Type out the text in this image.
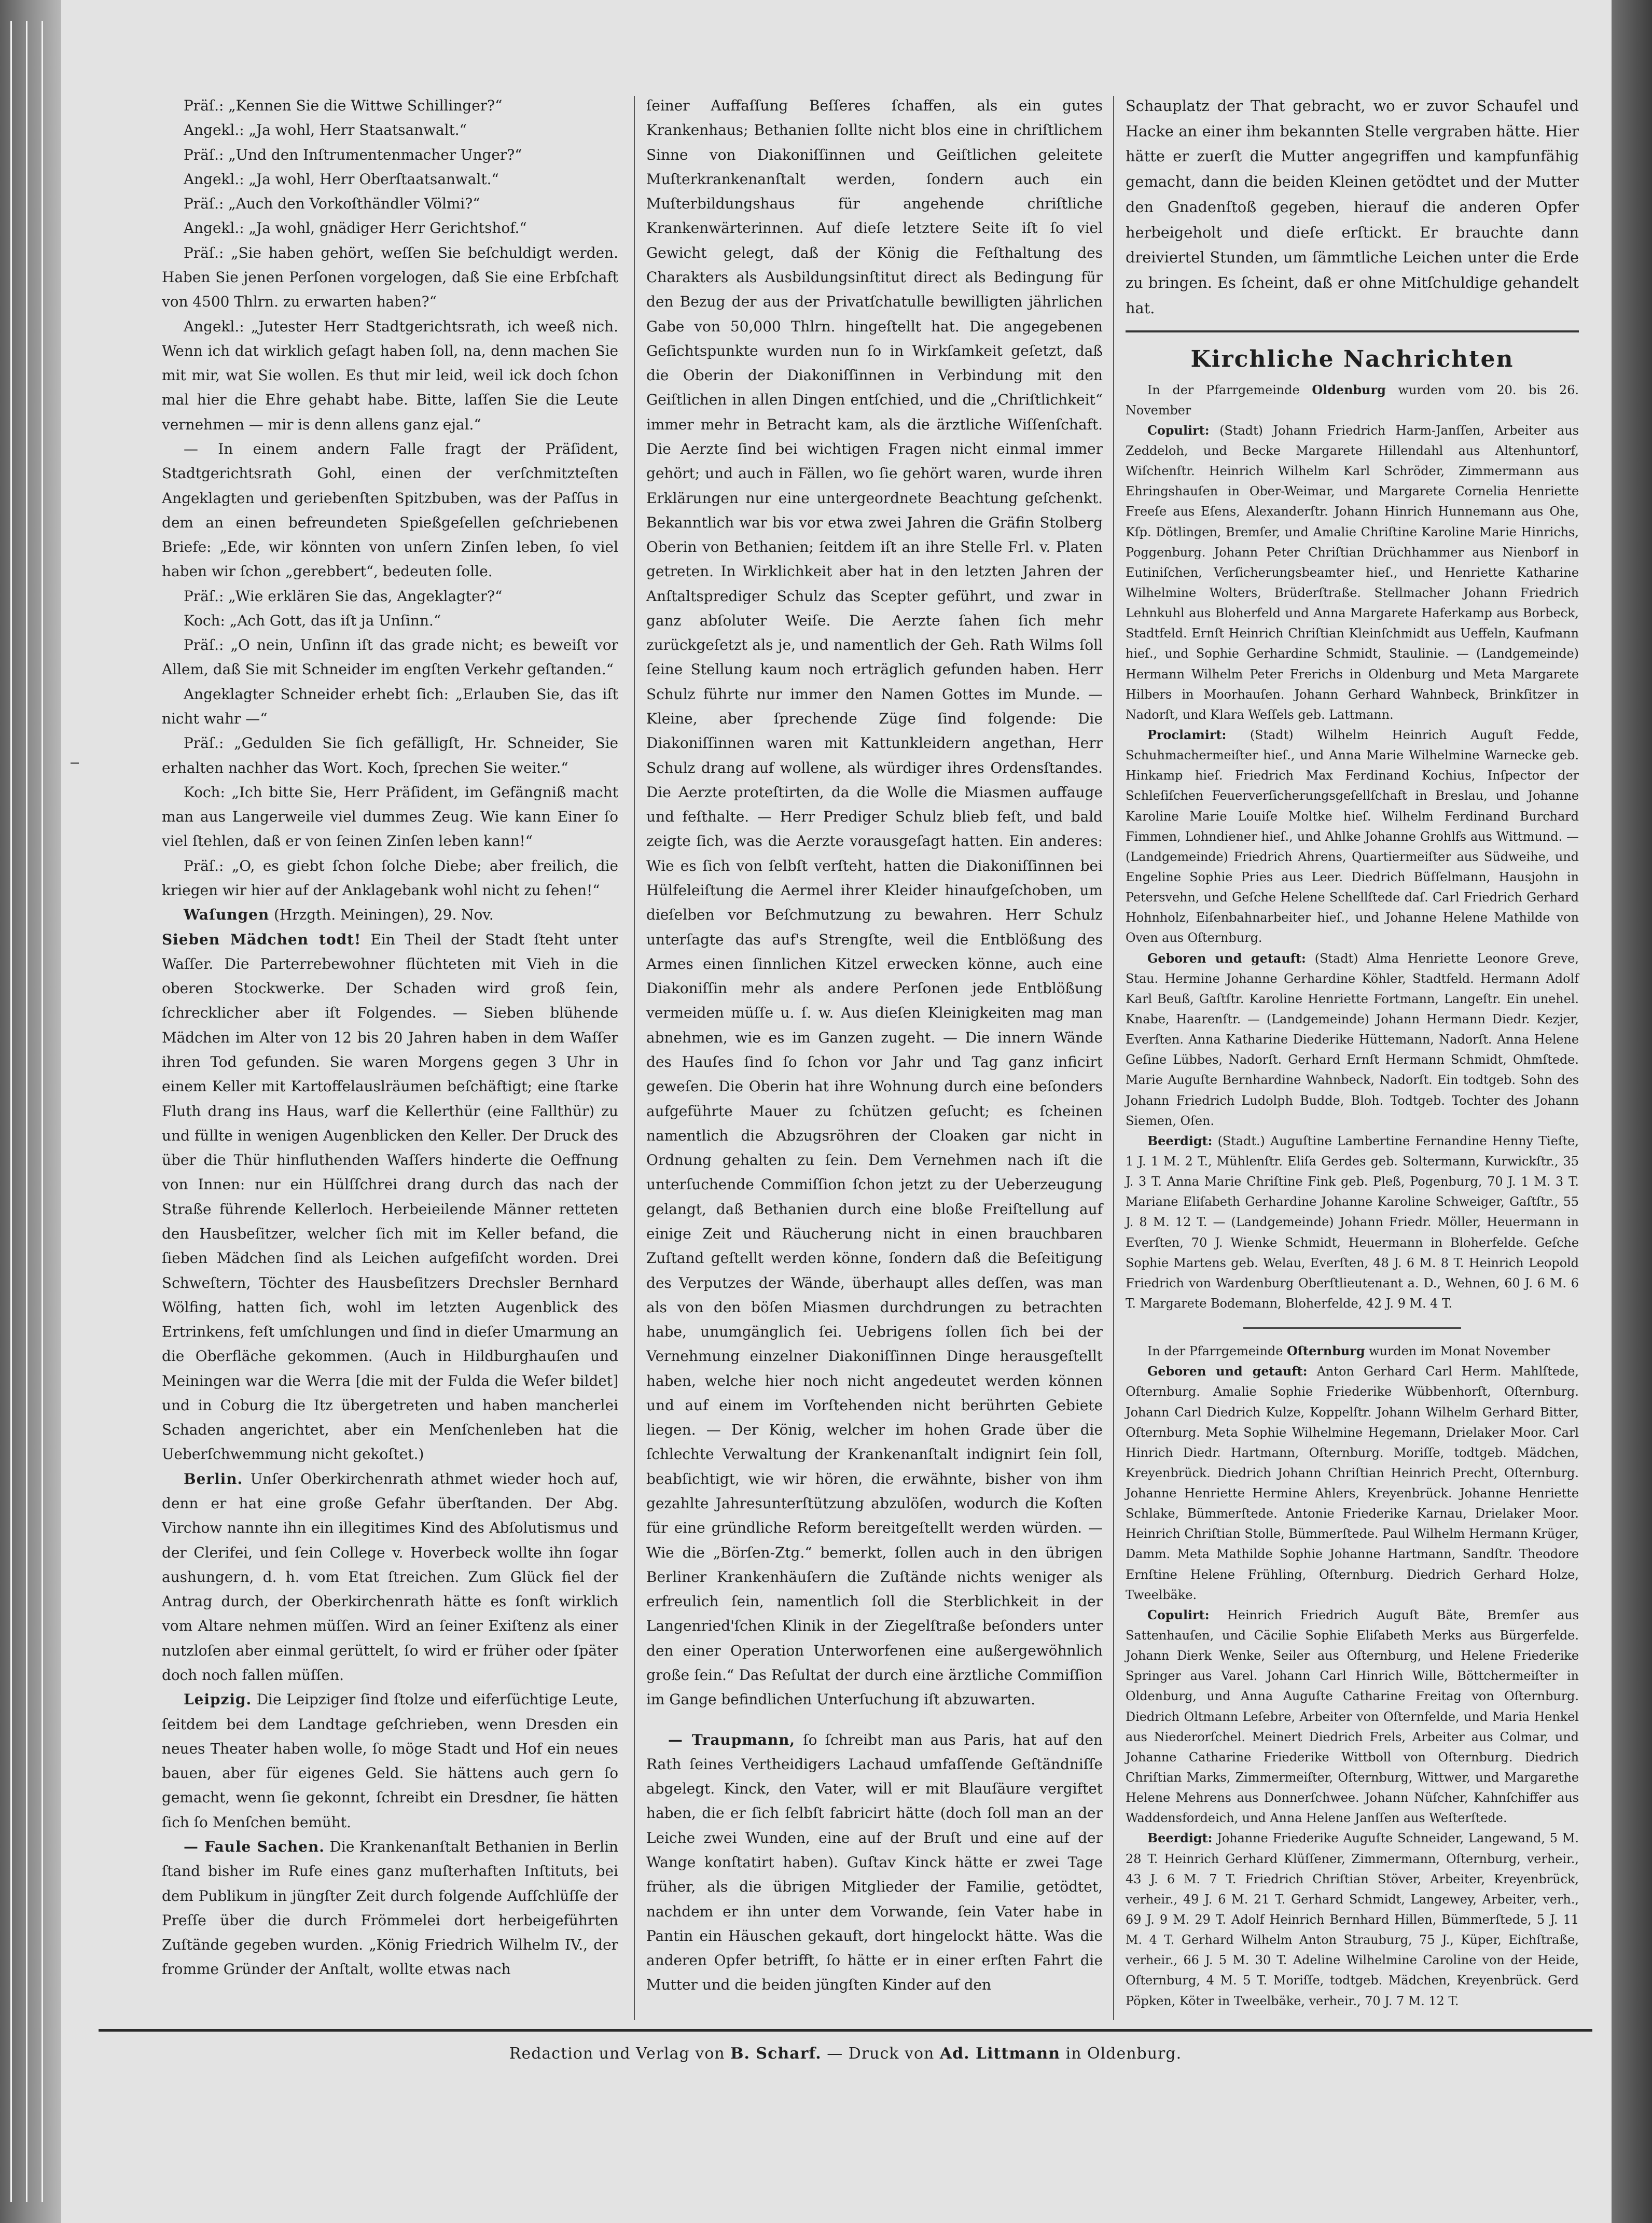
Präſ.: „Kennen Sie die Wittwe Schillinger?“

Angekl.: „Ja wohl, Herr Staatsanwalt.“

Präſ.: „Und den Inſtrumentenmacher Unger?“

Angekl.: „Ja wohl, Herr Oberſtaatsanwalt.“

Präſ.: „Auch den Vorkoſthändler Völmi?“

Angekl.: „Ja wohl, gnädiger Herr Gerichtshof.“

Präſ.: „Sie haben gehört, weſſen Sie beſchuldigt werden. Haben Sie jenen Perſonen vorgelogen, daß Sie eine Erbſchaft von 4500 Thlrn. zu erwarten haben?“

Angekl.: „Jutester Herr Stadtgerichtsrath, ich weeß nich. Wenn ich dat wirklich geſagt haben ſoll, na, denn machen Sie mit mir, wat Sie wollen. Es thut mir leid, weil ick doch ſchon mal hier die Ehre gehabt habe. Bitte, laſſen Sie die Leute vernehmen — mir is denn allens ganz ejal.“

— In einem andern Falle fragt der Präſident, Stadtgerichtsrath Gohl, einen der verſchmitzteſten Angeklagten und geriebenſten Spitzbuben, was der Paſſus in dem an einen befreundeten Spießgeſellen geſchriebenen Briefe: „Ede, wir könnten von unſern Zinſen leben, ſo viel haben wir ſchon „gerebbert“, bedeuten ſolle.

Präſ.: „Wie erklären Sie das, Angeklagter?“

Koch: „Ach Gott, das iſt ja Unſinn.“

Präſ.: „O nein, Unſinn iſt das grade nicht; es beweiſt vor Allem, daß Sie mit Schneider im engſten Verkehr geſtanden.“

Angeklagter Schneider erhebt ſich: „Erlauben Sie, das iſt nicht wahr —“

Präſ.: „Gedulden Sie ſich gefälligſt, Hr. Schneider, Sie erhalten nachher das Wort. Koch, ſprechen Sie weiter.“

Koch: „Ich bitte Sie, Herr Präſident, im Gefängniß macht man aus Langerweile viel dummes Zeug. Wie kann Einer ſo viel ſtehlen, daß er von ſeinen Zinſen leben kann!“

Präſ.: „O, es giebt ſchon ſolche Diebe; aber freilich, die kriegen wir hier auf der Anklagebank wohl nicht zu ſehen!“

Waſungen (Hrzgth. Meiningen), 29. Nov.

Sieben Mädchen todt! Ein Theil der Stadt ſteht unter Waſſer. Die Parterrebewohner flüchteten mit Vieh in die oberen Stockwerke. Der Schaden wird groß ſein, ſchrecklicher aber iſt Folgendes. — Sieben blühende Mädchen im Alter von 12 bis 20 Jahren haben in dem Waſſer ihren Tod gefunden. Sie waren Morgens gegen 3 Uhr in einem Keller mit Kartoffelauslräumen beſchäftigt; eine ſtarke Fluth drang ins Haus, warf die Kellerthür (eine Fallthür) zu und füllte in wenigen Augenblicken den Keller. Der Druck des über die Thür hinfluthenden Waſſers hinderte die Oeffnung von Innen: nur ein Hülſſchrei drang durch das nach der Straße führende Kellerloch. Herbeieilende Männer retteten den Hausbeſitzer, welcher ſich mit im Keller befand, die ſieben Mädchen ſind als Leichen aufgefiſcht worden. Drei Schweſtern, Töchter des Hausbeſitzers Drechsler Bernhard Wölfing, hatten ſich, wohl im letzten Augenblick des Ertrinkens, feſt umſchlungen und ſind in dieſer Umarmung an die Oberfläche gekommen. (Auch in Hildburghauſen und Meiningen war die Werra [die mit der Fulda die Weſer bildet] und in Coburg die Itz übergetreten und haben mancherlei Schaden angerichtet, aber ein Menſchenleben hat die Ueberſchwemmung nicht gekoſtet.)

Berlin. Unſer Oberkirchenrath athmet wieder hoch auf, denn er hat eine große Gefahr überſtanden. Der Abg. Virchow nannte ihn ein illegitimes Kind des Abſolutismus und der Clerifei, und ſein College v. Hoverbeck wollte ihn ſogar aushungern, d. h. vom Etat ſtreichen. Zum Glück fiel der Antrag durch, der Oberkirchenrath hätte es ſonſt wirklich vom Altare nehmen müſſen. Wird an ſeiner Exiſtenz als einer nutzloſen aber einmal gerüttelt, ſo wird er früher oder ſpäter doch noch fallen müſſen.

Leipzig. Die Leipziger ſind ſtolze und eiferſüchtige Leute, ſeitdem bei dem Landtage geſchrieben, wenn Dresden ein neues Theater haben wolle, ſo möge Stadt und Hof ein neues bauen, aber für eigenes Geld. Sie hättens auch gern ſo gemacht, wenn ſie gekonnt, ſchreibt ein Dresdner, ſie hätten ſich ſo Menſchen bemüht.

— Faule Sachen. Die Krankenanſtalt Bethanien in Berlin ſtand bisher im Rufe eines ganz muſterhaften Inſtituts, bei dem Publikum in jüngſter Zeit durch folgende Aufſchlüſſe der Preſſe über die durch Frömmelei dort herbeigeführten Zuſtände gegeben wurden. „König Friedrich Wilhelm IV., der fromme Gründer der Anſtalt, wollte etwas nach

ſeiner Auffaſſung Beſſeres ſchaffen, als ein gutes Krankenhaus; Bethanien ſollte nicht blos eine in chriſtlichem Sinne von Diakoniſſinnen und Geiſtlichen geleitete Muſterkrankenanſtalt werden, ſondern auch ein Muſterbildungshaus für angehende chriſtliche Krankenwärterinnen. Auf dieſe letztere Seite iſt ſo viel Gewicht gelegt, daß der König die Feſthaltung des Charakters als Ausbildungsinſtitut direct als Bedingung für den Bezug der aus der Privatſchatulle bewilligten jährlichen Gabe von 50,000 Thlrn. hingeſtellt hat. Die angegebenen Geſichtspunkte wurden nun ſo in Wirkſamkeit geſetzt, daß die Oberin der Diakoniſſinnen in Verbindung mit den Geiſtlichen in allen Dingen entſchied, und die „Chriſtlichkeit“ immer mehr in Betracht kam, als die ärztliche Wiſſenſchaft. Die Aerzte ſind bei wichtigen Fragen nicht einmal immer gehört; und auch in Fällen, wo ſie gehört waren, wurde ihren Erklärungen nur eine untergeordnete Beachtung geſchenkt. Bekanntlich war bis vor etwa zwei Jahren die Gräfin Stolberg Oberin von Bethanien; ſeitdem iſt an ihre Stelle Frl. v. Platen getreten. In Wirklichkeit aber hat in den letzten Jahren der Anſtaltsprediger Schulz das Scepter geführt, und zwar in ganz abſoluter Weiſe. Die Aerzte ſahen ſich mehr zurückgeſetzt als je, und namentlich der Geh. Rath Wilms ſoll ſeine Stellung kaum noch erträglich gefunden haben. Herr Schulz führte nur immer den Namen Gottes im Munde. — Kleine, aber ſprechende Züge ſind folgende: Die Diakoniſſinnen waren mit Kattunkleidern angethan, Herr Schulz drang auf wollene, als würdiger ihres Ordensſtandes. Die Aerzte proteſtirten, da die Wolle die Miasmen auffauge und feſthalte. — Herr Prediger Schulz blieb feſt, und bald zeigte ſich, was die Aerzte vorausgeſagt hatten. Ein anderes: Wie es ſich von ſelbſt verſteht, hatten die Diakoniſſinnen bei Hülfeleiſtung die Aermel ihrer Kleider hinaufgeſchoben, um dieſelben vor Beſchmutzung zu bewahren. Herr Schulz unterſagte das auf's Strengſte, weil die Entblößung des Armes einen ſinnlichen Kitzel erwecken könne, auch eine Diakoniſſin mehr als andere Perſonen jede Entblößung vermeiden müſſe u. ſ. w. Aus dieſen Kleinigkeiten mag man abnehmen, wie es im Ganzen zugeht. — Die innern Wände des Hauſes ſind ſo ſchon vor Jahr und Tag ganz inficirt geweſen. Die Oberin hat ihre Wohnung durch eine beſonders aufgeführte Mauer zu ſchützen geſucht; es ſcheinen namentlich die Abzugsröhren der Cloaken gar nicht in Ordnung gehalten zu ſein. Dem Vernehmen nach iſt die unterſuchende Commiſſion ſchon jetzt zu der Ueberzeugung gelangt, daß Bethanien durch eine bloße Freiſtellung auf einige Zeit und Räucherung nicht in einen brauchbaren Zuſtand geſtellt werden könne, ſondern daß die Beſeitigung des Verputzes der Wände, überhaupt alles deſſen, was man als von den böſen Miasmen durchdrungen zu betrachten habe, unumgänglich ſei. Uebrigens ſollen ſich bei der Vernehmung einzelner Diakoniſſinnen Dinge herausgeſtellt haben, welche hier noch nicht angedeutet werden können und auf einem im Vorſtehenden nicht berührten Gebiete liegen. — Der König, welcher im hohen Grade über die ſchlechte Verwaltung der Krankenanſtalt indignirt ſein ſoll, beabſichtigt, wie wir hören, die erwähnte, bisher von ihm gezahlte Jahresunterſtützung abzulöſen, wodurch die Koſten für eine gründliche Reform bereitgeſtellt werden würden. — Wie die „Börſen-Ztg.“ bemerkt, ſollen auch in den übrigen Berliner Krankenhäuſern die Zuſtände nichts weniger als erfreulich ſein, namentlich ſoll die Sterblichkeit in der Langenried'ſchen Klinik in der Ziegelſtraße beſonders unter den einer Operation Unterworfenen eine außergewöhnlich große ſein.“ Das Reſultat der durch eine ärztliche Commiſſion im Gange befindlichen Unterſuchung iſt abzuwarten.

— Traupmann, ſo ſchreibt man aus Paris, hat auf den Rath ſeines Vertheidigers Lachaud umfaſſende Geſtändniſſe abgelegt. Kinck, den Vater, will er mit Blauſäure vergiftet haben, die er ſich ſelbſt fabricirt hätte (doch ſoll man an der Leiche zwei Wunden, eine auf der Bruſt und eine auf der Wange konſtatirt haben). Guſtav Kinck hätte er zwei Tage früher, als die übrigen Mitglieder der Familie, getödtet, nachdem er ihn unter dem Vorwande, ſein Vater habe in Pantin ein Häuschen gekauft, dort hingelockt hätte. Was die anderen Opfer betrifft, ſo hätte er in einer erſten Fahrt die Mutter und die beiden jüngſten Kinder auf den

Schauplatz der That gebracht, wo er zuvor Schaufel und Hacke an einer ihm bekannten Stelle vergraben hätte. Hier hätte er zuerſt die Mutter angegriffen und kampfunfähig gemacht, dann die beiden Kleinen getödtet und der Mutter den Gnadenſtoß gegeben, hierauf die anderen Opfer herbeigeholt und dieſe erſtickt. Er brauchte dann dreiviertel Stunden, um ſämmtliche Leichen unter die Erde zu bringen. Es ſcheint, daß er ohne Mitſchuldige gehandelt hat.

Kirchliche Nachrichten

In der Pfarrgemeinde Oldenburg wurden vom 20. bis 26. November

Copulirt: (Stadt) Johann Friedrich Harm-Janſſen, Arbeiter aus Zeddeloh, und Becke Margarete Hillendahl aus Altenhuntorf, Wiſchenſtr. Heinrich Wilhelm Karl Schröder, Zimmermann aus Ehringshauſen in Ober-Weimar, und Margarete Cornelia Henriette Freeſe aus Eſens, Alexanderſtr. Johann Hinrich Hunnemann aus Ohe, Kſp. Dötlingen, Bremſer, und Amalie Chriſtine Karoline Marie Hinrichs, Poggenburg. Johann Peter Chriſtian Drüchhammer aus Nienborf in Eutiniſchen, Verſicherungsbeamter hieſ., und Henriette Katharine Wilhelmine Wolters, Brüderſtraße. Stellmacher Johann Friedrich Lehnkuhl aus Bloherfeld und Anna Margarete Haferkamp aus Borbeck, Stadtfeld. Ernſt Heinrich Chriſtian Kleinſchmidt aus Ueffeln, Kaufmann hieſ., und Sophie Gerhardine Schmidt, Staulinie. — (Landgemeinde) Hermann Wilhelm Peter Frerichs in Oldenburg und Meta Margarete Hilbers in Moorhauſen. Johann Gerhard Wahnbeck, Brinkſitzer in Nadorſt, und Klara Weſſels geb. Lattmann.

Proclamirt: (Stadt) Wilhelm Heinrich Auguſt Fedde, Schuhmachermeiſter hieſ., und Anna Marie Wilhelmine Warnecke geb. Hinkamp hieſ. Friedrich Max Ferdinand Kochius, Inſpector der Schleſiſchen Feuerverſicherungsgeſellſchaft in Breslau, und Johanne Karoline Marie Louiſe Moltke hieſ. Wilhelm Ferdinand Burchard Fimmen, Lohndiener hieſ., und Ahlke Johanne Grohlfs aus Wittmund. — (Landgemeinde) Friedrich Ahrens, Quartiermeiſter aus Südweihe, und Engeline Sophie Pries aus Leer. Diedrich Büſſelmann, Hausjohn in Petersvehn, und Geſche Helene Schellſtede daſ. Carl Friedrich Gerhard Hohnholz, Eiſenbahnarbeiter hieſ., und Johanne Helene Mathilde von Oven aus Oſternburg.

Geboren und getauft: (Stadt) Alma Henriette Leonore Greve, Stau. Hermine Johanne Gerhardine Köhler, Stadtfeld. Hermann Adolf Karl Beuß, Gaſtſtr. Karoline Henriette Fortmann, Langeſtr. Ein unehel. Knabe, Haarenſtr. — (Landgemeinde) Johann Hermann Diedr. Kezjer, Everſten. Anna Katharine Diederike Hüttemann, Nadorſt. Anna Helene Geſine Lübbes, Nadorſt. Gerhard Ernſt Hermann Schmidt, Ohmſtede. Marie Auguſte Bernhardine Wahnbeck, Nadorſt. Ein todtgeb. Sohn des Johann Friedrich Ludolph Budde, Bloh. Todtgeb. Tochter des Johann Siemen, Oſen.

Beerdigt: (Stadt.) Auguſtine Lambertine Fernandine Henny Tieſte, 1 J. 1 M. 2 T., Mühlenſtr. Eliſa Gerdes geb. Soltermann, Kurwickſtr., 35 J. 3 T. Anna Marie Chriſtine Fink geb. Pleß, Pogenburg, 70 J. 1 M. 3 T. Mariane Eliſabeth Gerhardine Johanne Karoline Schweiger, Gaſtſtr., 55 J. 8 M. 12 T. — (Landgemeinde) Johann Friedr. Möller, Heuermann in Everſten, 70 J. Wienke Schmidt, Heuermann in Bloherfelde. Geſche Sophie Martens geb. Welau, Everſten, 48 J. 6 M. 8 T. Heinrich Leopold Friedrich von Wardenburg Oberſtlieutenant a. D., Wehnen, 60 J. 6 M. 6 T. Margarete Bodemann, Bloherfelde, 42 J. 9 M. 4 T.

In der Pfarrgemeinde Oſternburg wurden im Monat November

Geboren und getauft: Anton Gerhard Carl Herm. Mahlſtede, Oſternburg. Amalie Sophie Friederike Wübbenhorſt, Oſternburg. Johann Carl Diedrich Kulze, Koppelſtr. Johann Wilhelm Gerhard Bitter, Oſternburg. Meta Sophie Wilhelmine Hegemann, Drielaker Moor. Carl Hinrich Diedr. Hartmann, Oſternburg. Moriſſe, todtgeb. Mädchen, Kreyenbrück. Diedrich Johann Chriſtian Heinrich Precht, Oſternburg. Johanne Henriette Hermine Ahlers, Kreyenbrück. Johanne Henriette Schlake, Bümmerſtede. Antonie Friederike Karnau, Drielaker Moor. Heinrich Chriſtian Stolle, Bümmerſtede. Paul Wilhelm Hermann Krüger, Damm. Meta Mathilde Sophie Johanne Hartmann, Sandſtr. Theodore Ernſtine Helene Frühling, Oſternburg. Diedrich Gerhard Holze, Tweelbäke.

Copulirt: Heinrich Friedrich Auguſt Bäte, Bremſer aus Sattenhauſen, und Cäcilie Sophie Eliſabeth Merks aus Bürgerfelde. Johann Dierk Wenke, Seiler aus Oſternburg, und Helene Friederike Springer aus Varel. Johann Carl Hinrich Wille, Böttchermeiſter in Oldenburg, und Anna Auguſte Catharine Freitag von Oſternburg. Diedrich Oltmann Leſebre, Arbeiter von Oſternfelde, und Maria Henkel aus Niederorſchel. Meinert Diedrich Frels, Arbeiter aus Colmar, und Johanne Catharine Friederike Wittboll von Oſternburg. Diedrich Chriſtian Marks, Zimmermeiſter, Oſternburg, Wittwer, und Margarethe Helene Mehrens aus Donnerſchwee. Johann Nüſcher, Kahnſchiffer aus Waddensfordeich, und Anna Helene Janſſen aus Weſterſtede.

Beerdigt: Johanne Friederike Auguſte Schneider, Langewand, 5 M. 28 T. Heinrich Gerhard Klüſſener, Zimmermann, Oſternburg, verheir., 43 J. 6 M. 7 T. Friedrich Chriſtian Stöver, Arbeiter, Kreyenbrück, verheir., 49 J. 6 M. 21 T. Gerhard Schmidt, Langewey, Arbeiter, verh., 69 J. 9 M. 29 T. Adolf Heinrich Bernhard Hillen, Bümmerſtede, 5 J. 11 M. 4 T. Gerhard Wilhelm Anton Strauburg, 75 J., Küper, Eichſtraße, verheir., 66 J. 5 M. 30 T. Adeline Wilhelmine Caroline von der Heide, Oſternburg, 4 M. 5 T. Moriſſe, todtgeb. Mädchen, Kreyenbrück. Gerd Pöpken, Köter in Tweelbäke, verheir., 70 J. 7 M. 12 T.

Redaction und Verlag von B. Scharf. — Druck von Ad. Littmann in Oldenburg.
